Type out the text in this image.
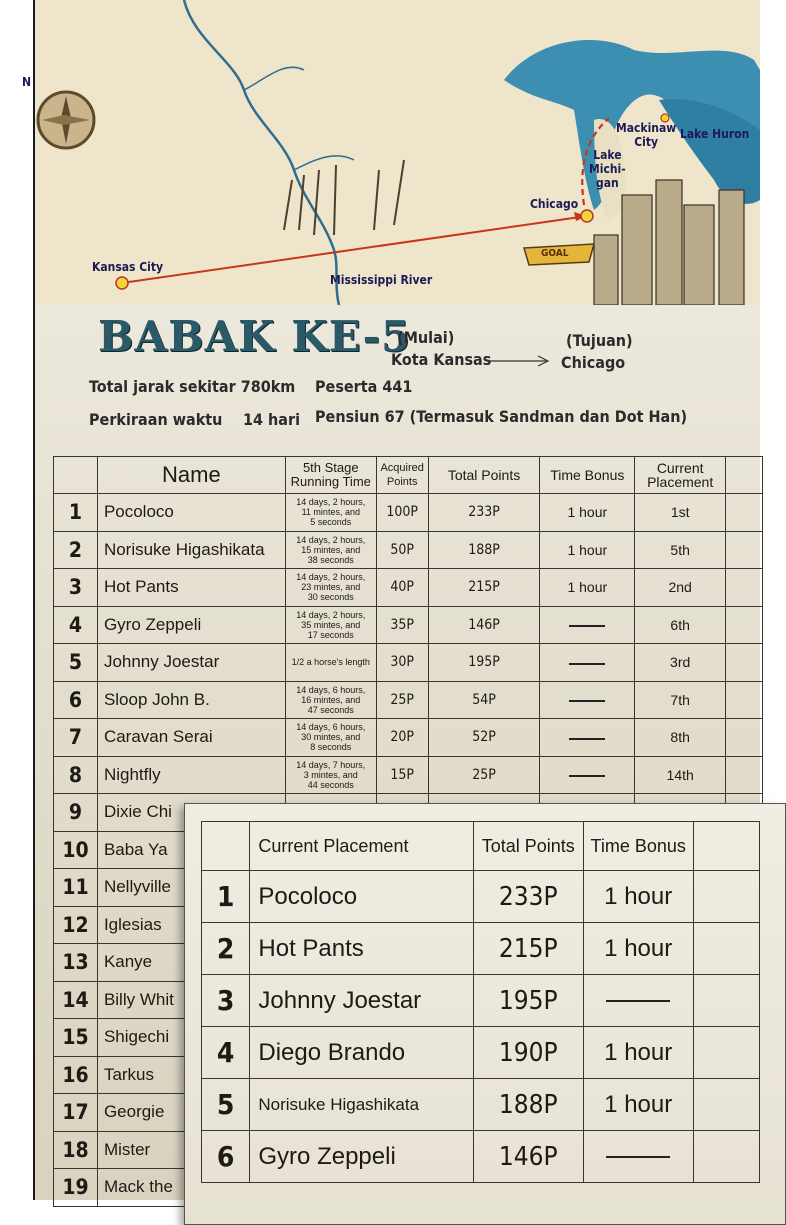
N
Kansas City
Mississippi River
Chicago
GOAL
Lake
Michi-
gan
Mackinaw
City
Lake Huron
BABAK KE-5
(Mulai)
Kota Kansas
(Tujuan)
Chicago
Total jarak sekitar 780km Peserta 441
Perkiraan waktu 14 hari Pensiun 67 (Termasuk Sandman dan Dot Han)
	Name	5th Stage
Running Time	Acquired
Points	Total Points	Time Bonus	Current
Placement	
1	Pocoloco	14 days, 2 hours,
11 mintes, and
5 seconds	100P	233P	1 hour	1st	
2	Norisuke Higashikata	14 days, 2 hours,
15 mintes, and
38 seconds	50P	188P	1 hour	5th	
3	Hot Pants	14 days, 2 hours,
23 mintes, and
30 seconds	40P	215P	1 hour	2nd	
4	Gyro Zeppeli	14 days, 2 hours,
35 mintes, and
17 seconds	35P	146P		6th	
5	Johnny Joestar	1/2 a horse's length	30P	195P		3rd	
6	Sloop John B.	14 days, 6 hours,
16 mintes, and
47 seconds	25P	54P		7th	
7	Caravan Serai	14 days, 6 hours,
30 mintes, and
8 seconds	20P	52P		8th	
8	Nightfly	14 days, 7 hours,
3 mintes, and
44 seconds	15P	25P		14th	
9	Dixie Chi						
10	Baba Ya						
11	Nellyville						
12	Iglesias						
13	Kanye						
14	Billy Whit						
15	Shigechi						
16	Tarkus						
17	Georgie						
18	Mister						
19	Mack the						
	Current Placement	Total Points	Time Bonus	
1	Pocoloco	233P	1 hour	
2	Hot Pants	215P	1 hour	
3	Johnny Joestar	195P		
4	Diego Brando	190P	1 hour	
5	Norisuke Higashikata	188P	1 hour	
6	Gyro Zeppeli	146P		
